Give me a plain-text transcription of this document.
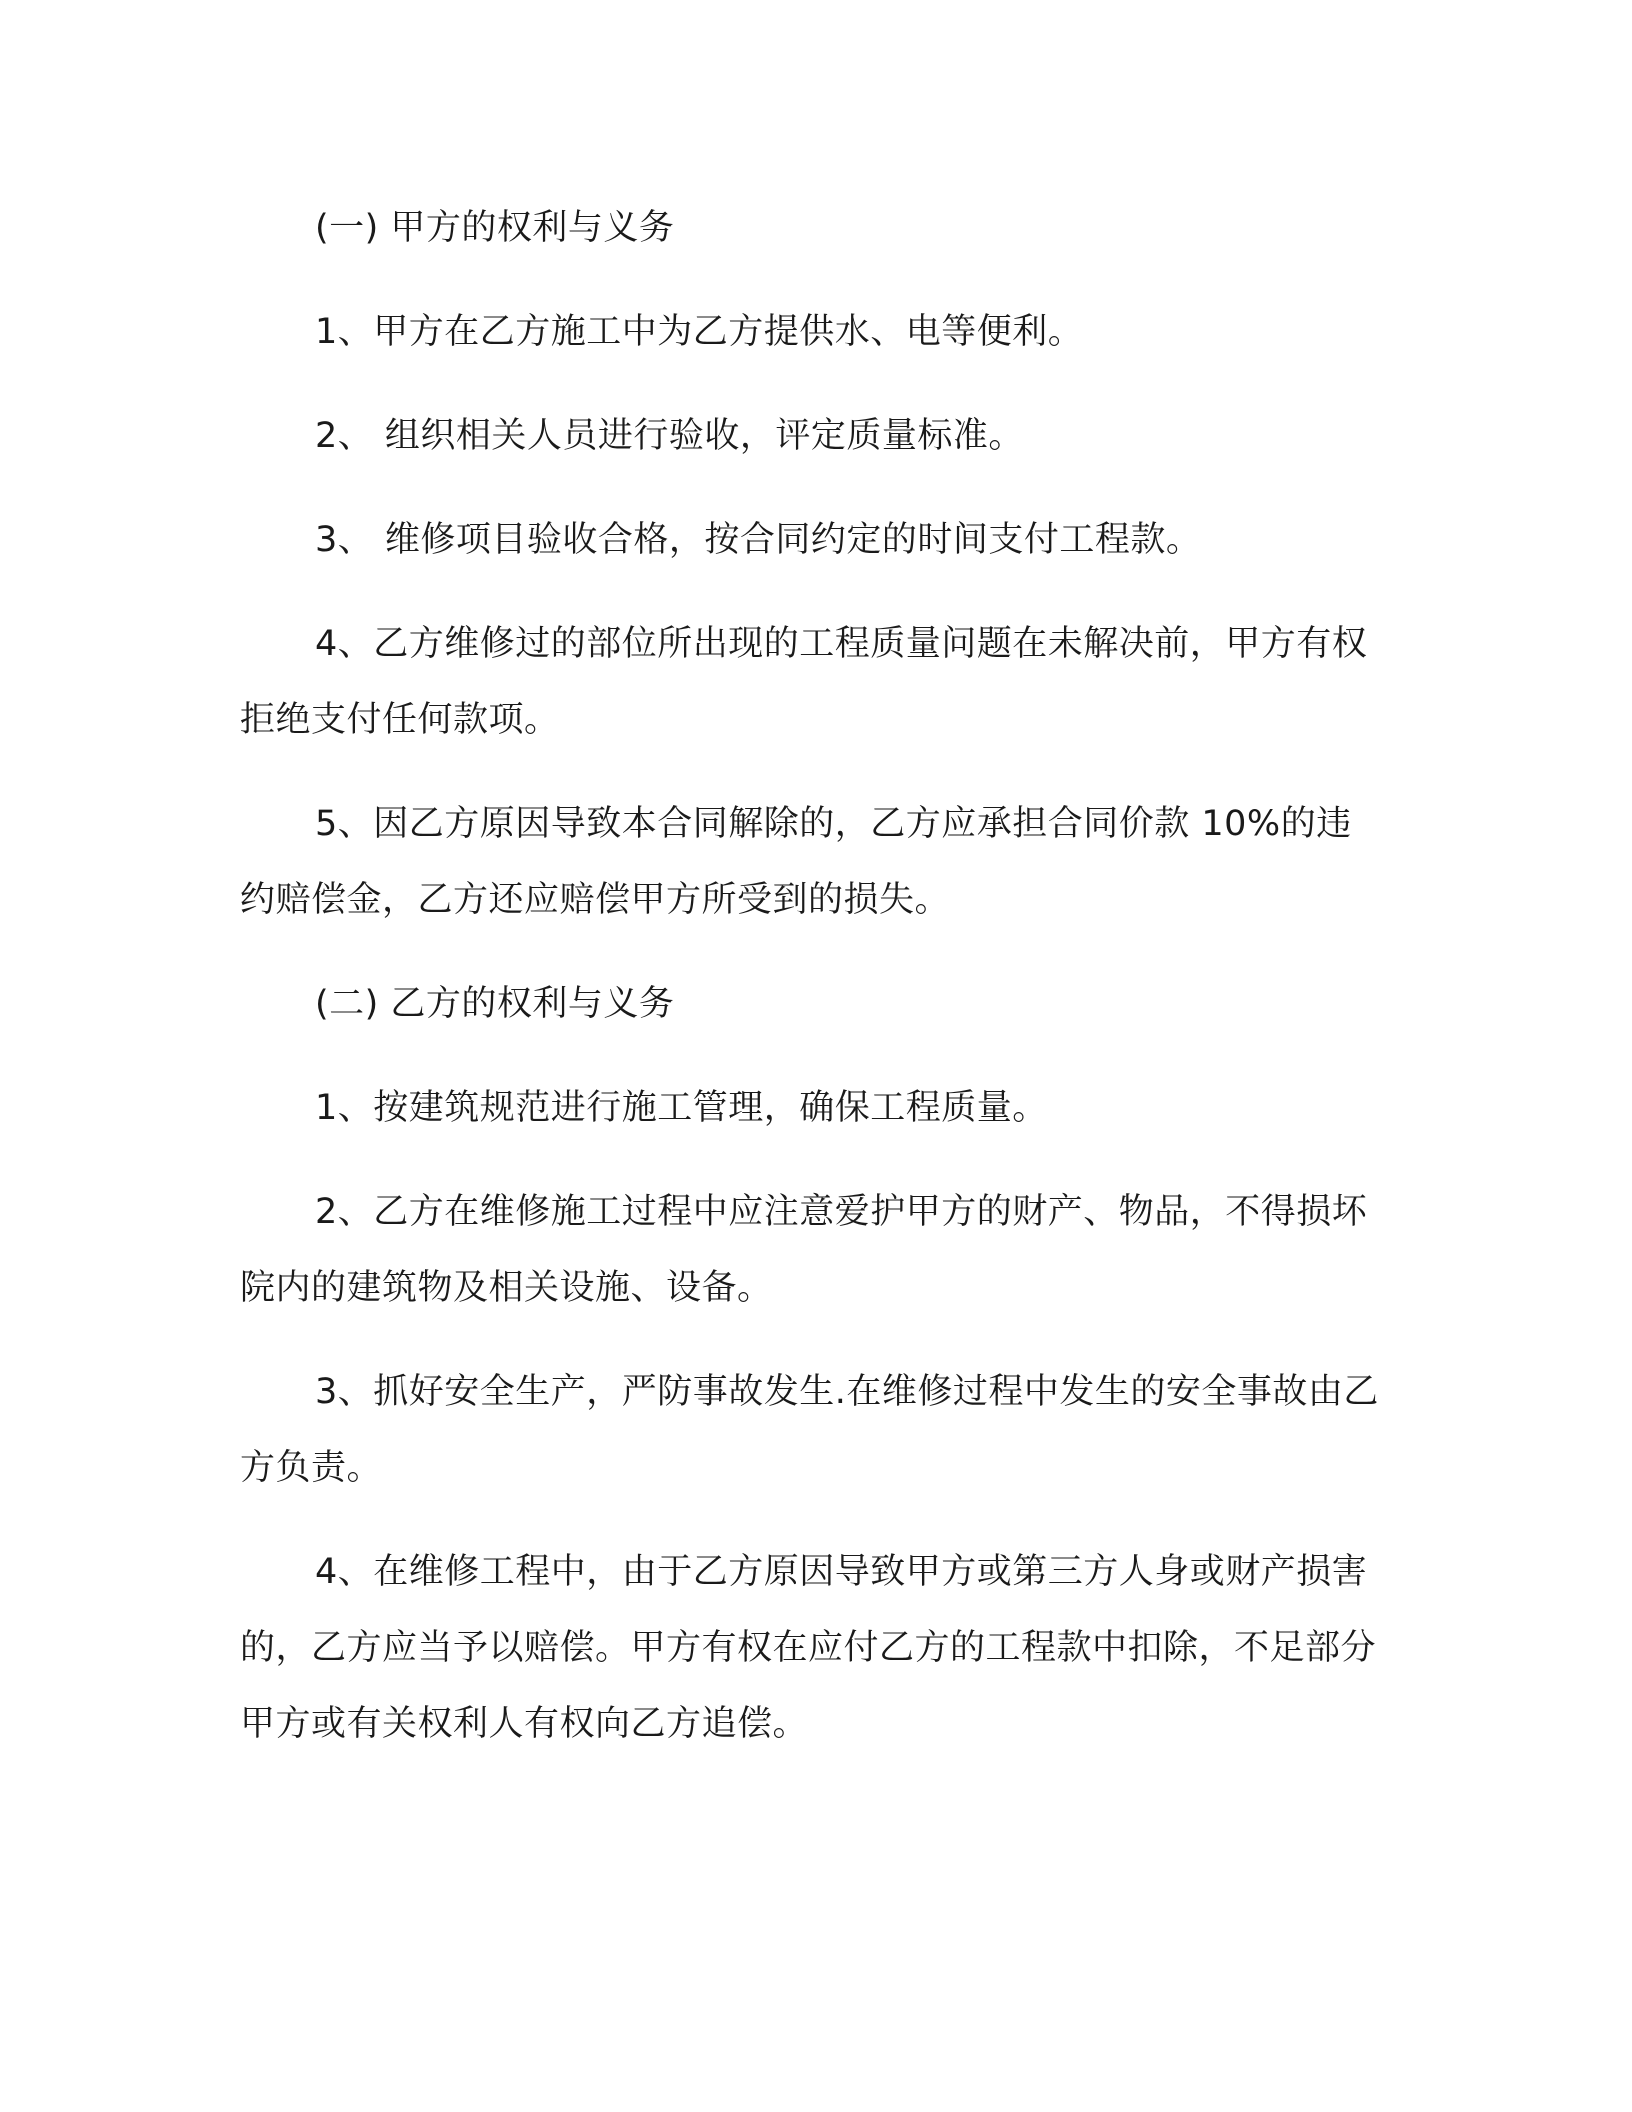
(一) 甲方的权利与义务

1、甲方在乙方施工中为乙方提供水、电等便利。

2、 组织相关人员进行验收，评定质量标准。

3、 维修项目验收合格，按合同约定的时间支付工程款。

4、乙方维修过的部位所出现的工程质量问题在未解决前，甲方有权拒绝支付任何款项。

5、因乙方原因导致本合同解除的，乙方应承担合同价款 10%的违约赔偿金，乙方还应赔偿甲方所受到的损失。

(二) 乙方的权利与义务

1、按建筑规范进行施工管理，确保工程质量。

2、乙方在维修施工过程中应注意爱护甲方的财产、物品，不得损坏院内的建筑物及相关设施、设备。

3、抓好安全生产，严防事故发生.在维修过程中发生的安全事故由乙方负责。

4、在维修工程中，由于乙方原因导致甲方或第三方人身或财产损害的，乙方应当予以赔偿。甲方有权在应付乙方的工程款中扣除，不足部分甲方或有关权利人有权向乙方追偿。
